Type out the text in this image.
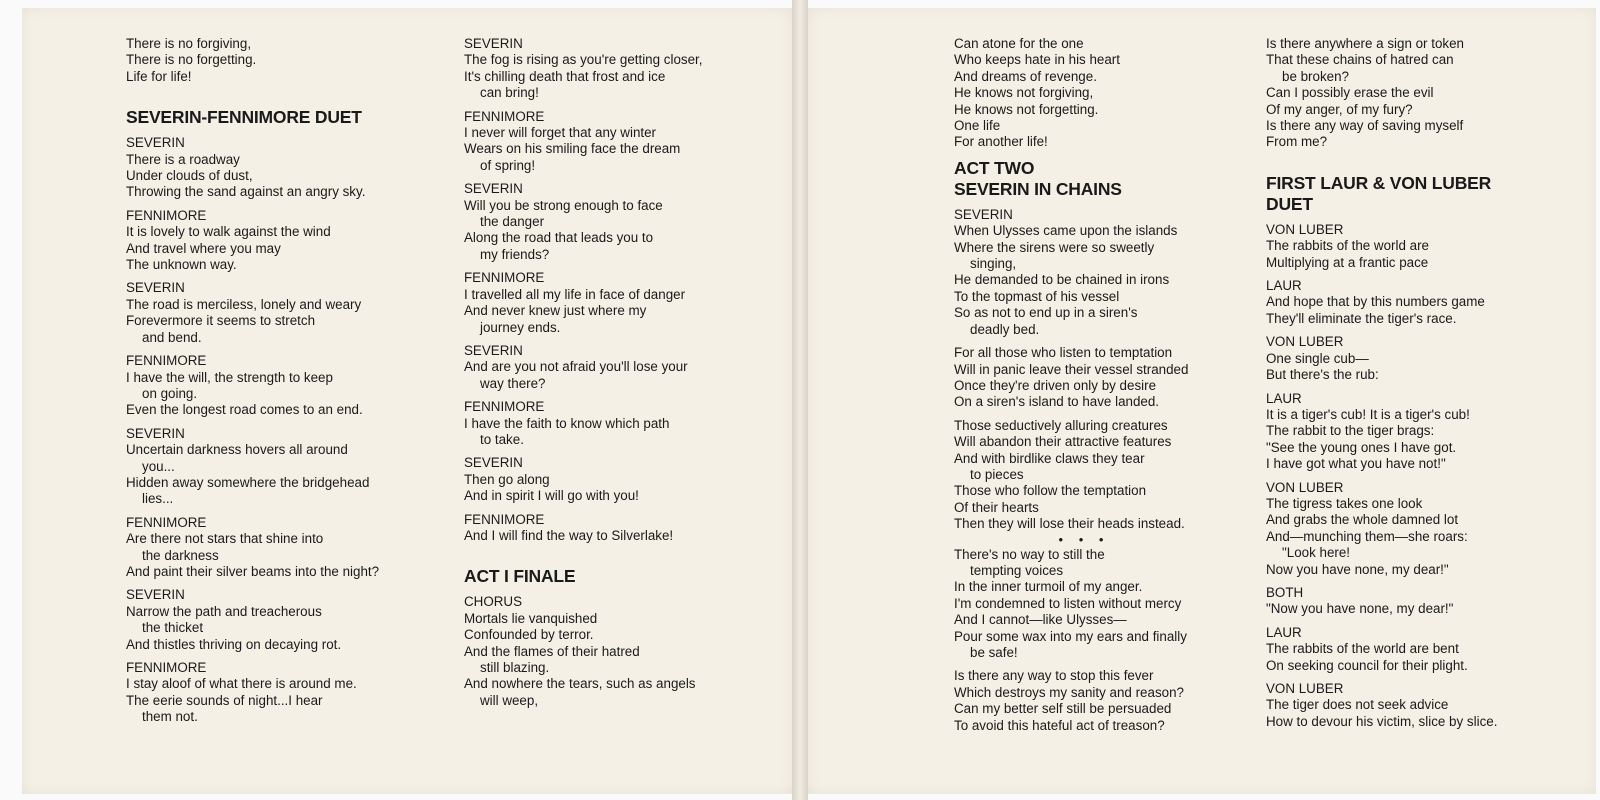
There is no forgiving,

There is no forgetting.

Life for life!

SEVERIN-FENNIMORE DUET

SEVERIN

There is a roadway

Under clouds of dust,

Throwing the sand against an angry sky.

FENNIMORE

It is lovely to walk against the wind

And travel where you may

The unknown way.

SEVERIN

The road is merciless, lonely and weary

Forevermore it seems to stretch

and bend.

FENNIMORE

I have the will, the strength to keep

on going.

Even the longest road comes to an end.

SEVERIN

Uncertain darkness hovers all around

you...

Hidden away somewhere the bridgehead

lies...

FENNIMORE

Are there not stars that shine into

the darkness

And paint their silver beams into the night?

SEVERIN

Narrow the path and treacherous

the thicket

And thistles thriving on decaying rot.

FENNIMORE

I stay aloof of what there is around me.

The eerie sounds of night...I hear

them not.

SEVERIN

The fog is rising as you're getting closer,

It's chilling death that frost and ice

can bring!

FENNIMORE

I never will forget that any winter

Wears on his smiling face the dream

of spring!

SEVERIN

Will you be strong enough to face

the danger

Along the road that leads you to

my friends?

FENNIMORE

I travelled all my life in face of danger

And never knew just where my

journey ends.

SEVERIN

And are you not afraid you'll lose your

way there?

FENNIMORE

I have the faith to know which path

to take.

SEVERIN

Then go along

And in spirit I will go with you!

FENNIMORE

And I will find the way to Silverlake!

ACT I FINALE

CHORUS

Mortals lie vanquished

Confounded by terror.

And the flames of their hatred

still blazing.

And nowhere the tears, such as angels

will weep,

Can atone for the one

Who keeps hate in his heart

And dreams of revenge.

He knows not forgiving,

He knows not forgetting.

One life

For another life!

ACT TWO
SEVERIN IN CHAINS

SEVERIN

When Ulysses came upon the islands

Where the sirens were so sweetly

singing,

He demanded to be chained in irons

To the topmast of his vessel

So as not to end up in a siren's

deadly bed.

For all those who listen to temptation

Will in panic leave their vessel stranded

Once they're driven only by desire

On a siren's island to have landed.

Those seductively alluring creatures

Will abandon their attractive features

And with birdlike claws they tear

to pieces

Those who follow the temptation

Of their hearts

Then they will lose their heads instead.

• • •

There's no way to still the

tempting voices

In the inner turmoil of my anger.

I'm condemned to listen without mercy

And I cannot—like Ulysses—

Pour some wax into my ears and finally

be safe!

Is there any way to stop this fever

Which destroys my sanity and reason?

Can my better self still be persuaded

To avoid this hateful act of treason?

Is there anywhere a sign or token

That these chains of hatred can

be broken?

Can I possibly erase the evil

Of my anger, of my fury?

Is there any way of saving myself

From me?

FIRST LAUR & VON LUBER
DUET

VON LUBER

The rabbits of the world are

Multiplying at a frantic pace

LAUR

And hope that by this numbers game

They'll eliminate the tiger's race.

VON LUBER

One single cub—

But there's the rub:

LAUR

It is a tiger's cub! It is a tiger's cub!

The rabbit to the tiger brags:

"See the young ones I have got.

I have got what you have not!"

VON LUBER

The tigress takes one look

And grabs the whole damned lot

And—munching them—she roars:

"Look here!

Now you have none, my dear!"

BOTH

"Now you have none, my dear!"

LAUR

The rabbits of the world are bent

On seeking council for their plight.

VON LUBER

The tiger does not seek advice

How to devour his victim, slice by slice.
